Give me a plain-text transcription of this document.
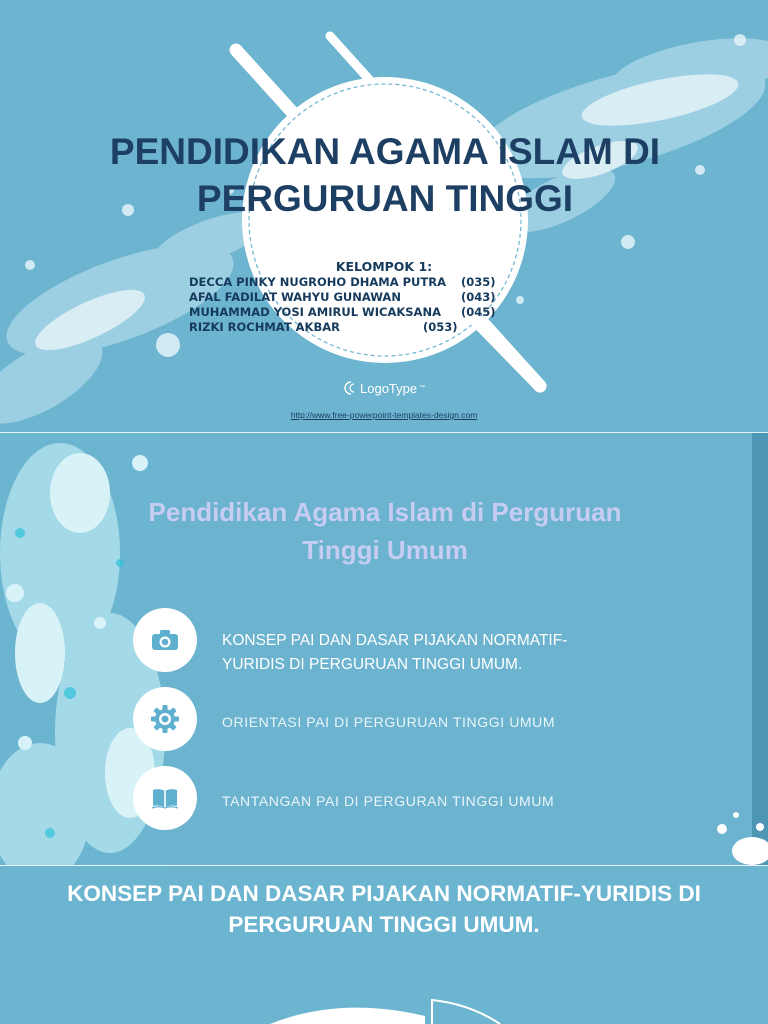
PENDIDIKAN AGAMA ISLAM DI
PERGURUAN TINGGI
KELOMPOK 1:
DECCA PINKY NUGROHO DHAMA PUTRA (035)
AFAL FADILAT WAHYU GUNAWAN	(043)
MUHAMMAD YOSI AMIRUL WICAKSANA (045)
RIZKI ROCHMAT AKBAR	(053)
LogoType ™
http://www.free-powerpoint-templates-design.com
Pendidikan Agama Islam di Perguruan
Tinggi Umum
KONSEP PAI DAN DASAR PIJAKAN NORMATIF-
YURIDIS DI PERGURUAN TINGGI UMUM.
ORIENTASI PAI DI PERGURUAN TINGGI UMUM
TANTANGAN PAI DI PERGURAN TINGGI UMUM
KONSEP PAI DAN DASAR PIJAKAN NORMATIF-YURIDIS DI
PERGURUAN TINGGI UMUM.
